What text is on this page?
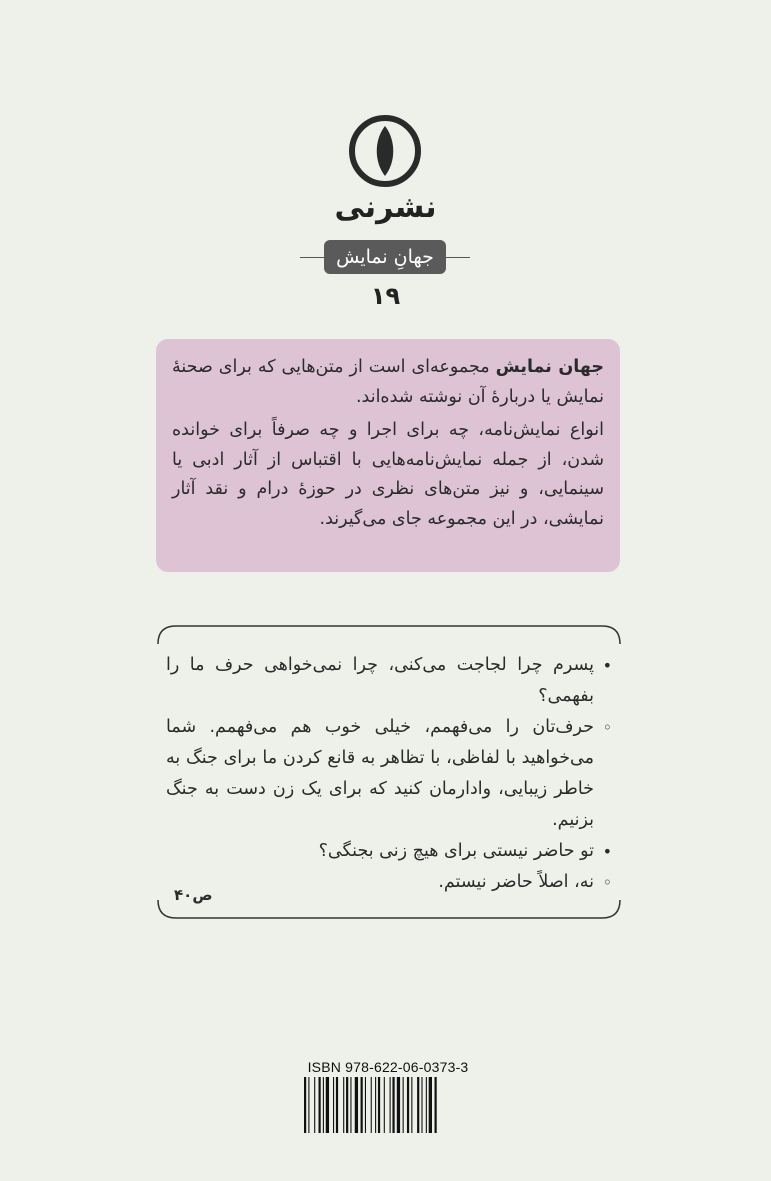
نشرنی
جهانِ نمایش
۱۹

جهان نمایش مجموعه‌ای است از متن‌هایی که برای صحنهٔ نمایش یا دربارهٔ آن نوشته شده‌اند.

انواع نمایش‌نامه، چه برای اجرا و چه صرفاً برای خوانده شدن، از جمله نمایش‌نامه‌هایی با اقتباس از آثار ادبی یا سینمایی، و نیز متن‌های نظری در حوزهٔ درام و نقد آثار نمایشی، در این مجموعه جای می‌گیرند.

•
پسرم چرا لجاجت می‌کنی، چرا نمی‌خواهی حرف ما را بفهمی؟
◦
حرف‌تان را می‌فهمم، خیلی خوب هم می‌فهمم. شما می‌خواهید با لفاظی، با تظاهر به قانع کردن ما برای جنگ به خاطر زیبایی، وادارمان کنید که برای یک زن دست به جنگ بزنیم.
•
تو حاضر نیستی برای هیچ زنی بجنگی؟
◦
نه، اصلاً حاضر نیستم.
ص۴۰
ISBN 978-622-06-0373-3
